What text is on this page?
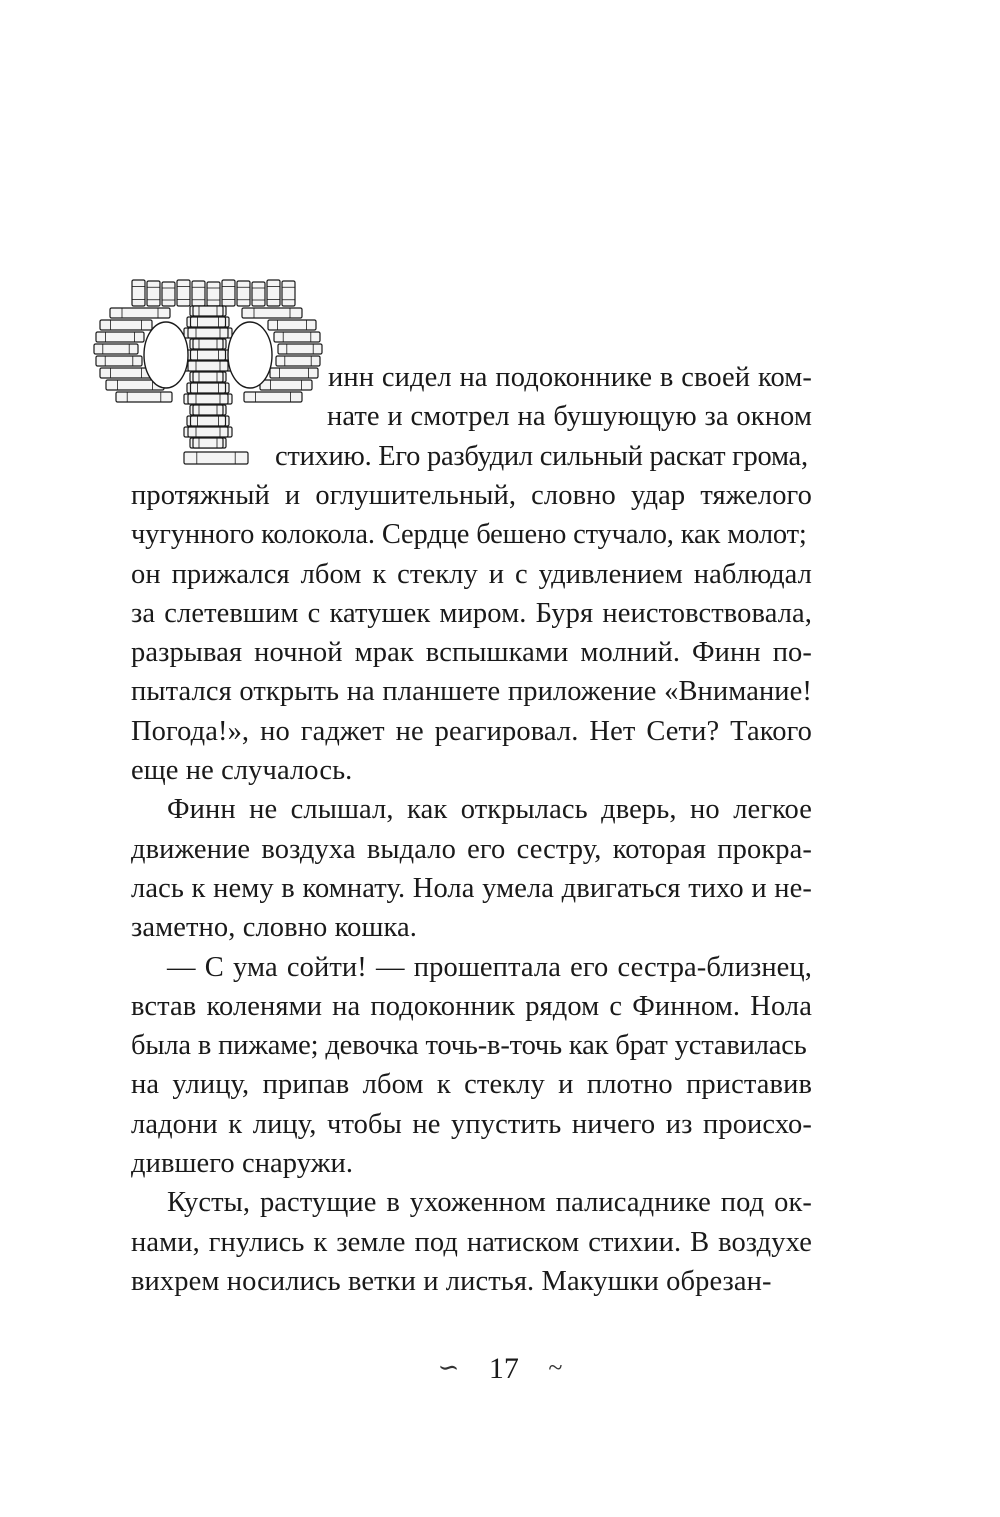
инн сидел на подоконнике в своей ком-
нате и смотрел на бушующую за окном
стихию. Его разбудил сильный раскат грома,
протяжный и оглушительный, словно удар тяжелого
чугунного колокола. Сердце бешено стучало, как молот;
он прижался лбом к стеклу и с удивлением наблюдал
за слетевшим с катушек миром. Буря неистовствовала,
разрывая ночной мрак вспышками молний. Финн по-
пытался открыть на планшете приложение «Внимание!
Погода!», но гаджет не реагировал. Нет Сети? Такого
еще не случалось.
Финн не слышал, как открылась дверь, но легкое
движение воздуха выдало его сестру, которая прокра-
лась к нему в комнату. Нола умела двигаться тихо и не-
заметно, словно кошка.
— С ума сойти! — прошептала его сестра-близнец,
встав коленями на подоконник рядом с Финном. Нола
была в пижаме; девочка точь-в-точь как брат уставилась
на улицу, припав лбом к стеклу и плотно приставив
ладони к лицу, чтобы не упустить ничего из происхо-
дившего снаружи.
Кусты, растущие в ухоженном палисаднике под ок-
нами, гнулись к земле под натиском стихии. В воздухе
вихрем носились ветки и листья. Макушки обрезан-
∽ 17 ~
